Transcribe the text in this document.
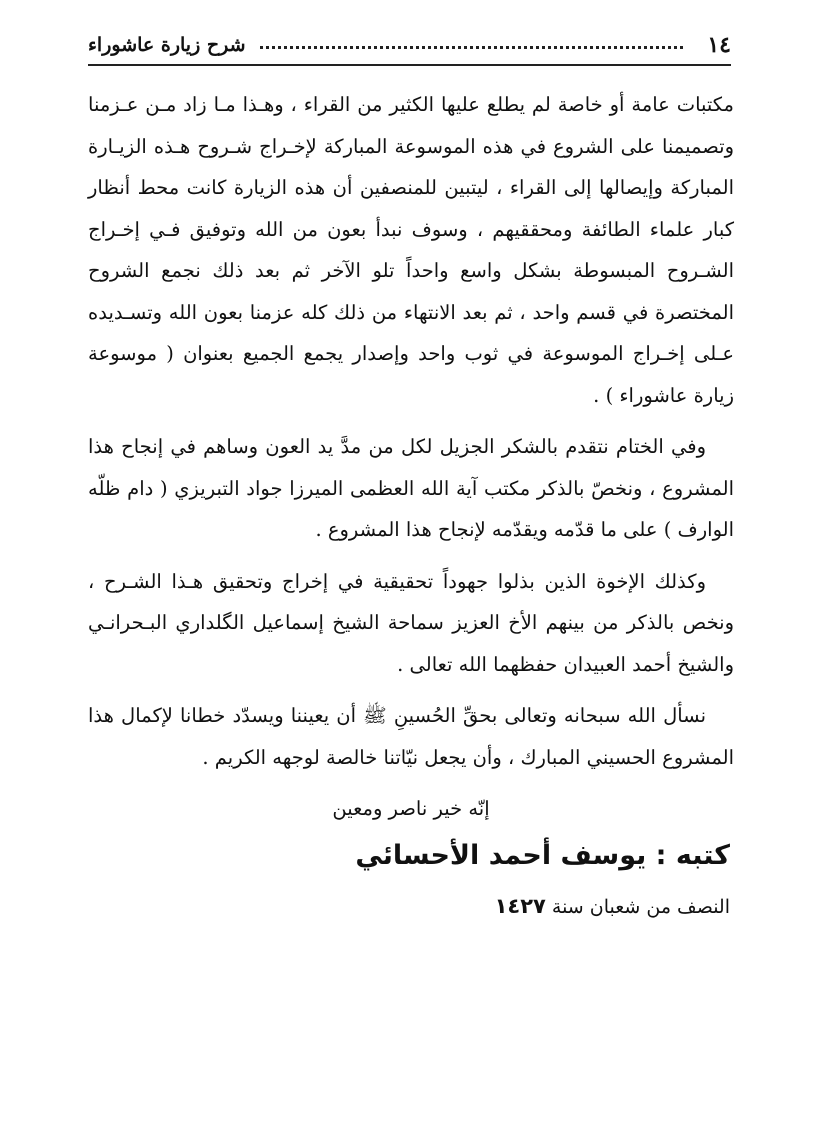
١٤
شرح زيارة عاشوراء

مكتبات عامة أو خاصة لم يطلع عليها الكثير من القراء ، وهـذا مـا زاد مـن عـزمنا وتصميمنا على الشروع في هذه الموسوعة المباركة لإخـراج شـروح هـذه الزيـارة المباركة وإيصالها إلى القراء ، ليتبين للمنصفين أن هذه الزيارة كانت محط أنظار كبار علماء الطائفة ومحققيهم ، وسوف نبدأ بعون من الله وتوفيق فـي إخـراج الشـروح المبسوطة بشكل واسع واحداً تلو الآخر ثم بعد ذلك نجمع الشروح المختصرة في قسم واحد ، ثم بعد الانتهاء من ذلك كله عزمنا بعون الله وتسـديده عـلى إخـراج الموسوعة في ثوب واحد وإصدار يجمع الجميع بعنوان ( موسوعة زيارة عاشوراء ) .

وفي الختام نتقدم بالشكر الجزيل لكل من مدَّ يد العون وساهم في إنجاح هذا المشروع ، ونخصّ بالذكر مكتب آية الله العظمى الميرزا جواد التبريزي ( دام ظلّه الوارف ) على ما قدّمه ويقدّمه لإنجاح هذا المشروع .

وكذلك الإخوة الذين بذلوا جهوداً تحقيقية في إخراج وتحقيق هـذا الشـرح ، ونخص بالذكر من بينهم الأخ العزيز سماحة الشيخ إسماعيل الگلداري البـحرانـي والشيخ أحمد العبيدان حفظهما الله تعالى .

نسأل الله سبحانه وتعالى بحقِّ الحُسينِ ﷺ أن يعيننا ويسدّد خطانا لإكمال هذا المشروع الحسيني المبارك ، وأن يجعل نيّاتنا خالصة لوجهه الكريم .

إنّه خير ناصر ومعين

كتبه : يوسف أحمد الأحسائي
النصف من شعبان سنة ١٤٢٧
